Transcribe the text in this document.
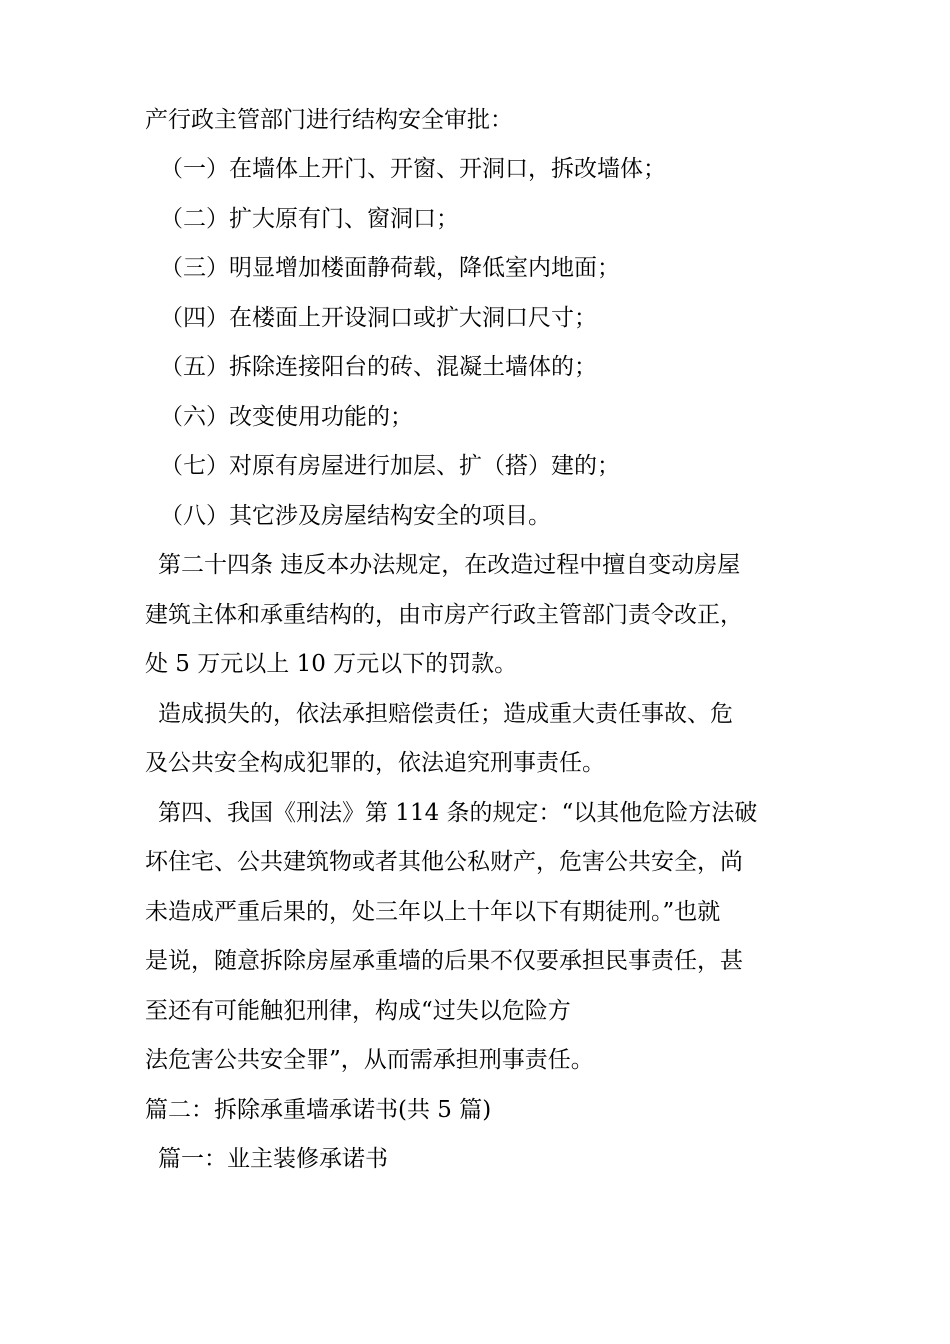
产行政主管部门进行结构安全审批：
（一）在墙体上开门、开窗、开洞口，拆改墙体；
（二）扩大原有门、窗洞口；
（三）明显增加楼面静荷载，降低室内地面；
（四）在楼面上开设洞口或扩大洞口尺寸；
（五）拆除连接阳台的砖、混凝土墙体的；
（六）改变使用功能的；
（七）对原有房屋进行加层、扩（搭）建的；
（八）其它涉及房屋结构安全的项目。
第二十四条 违反本办法规定，在改造过程中擅自变动房屋
建筑主体和承重结构的，由市房产行政主管部门责令改正，
处 5 万元以上 10 万元以下的罚款。
造成损失的，依法承担赔偿责任；造成重大责任事故、危
及公共安全构成犯罪的，依法追究刑事责任。
第四、我国《刑法》第 114 条的规定：“以其他危险方法破
坏住宅、公共建筑物或者其他公私财产，危害公共安全，尚
未造成严重后果的，处三年以上十年以下有期徒刑。”也就
是说，随意拆除房屋承重墙的后果不仅要承担民事责任，甚
至还有可能触犯刑律，构成“过失以危险方
法危害公共安全罪”，从而需承担刑事责任。
篇二：拆除承重墙承诺书(共 5 篇)
篇一：业主装修承诺书
